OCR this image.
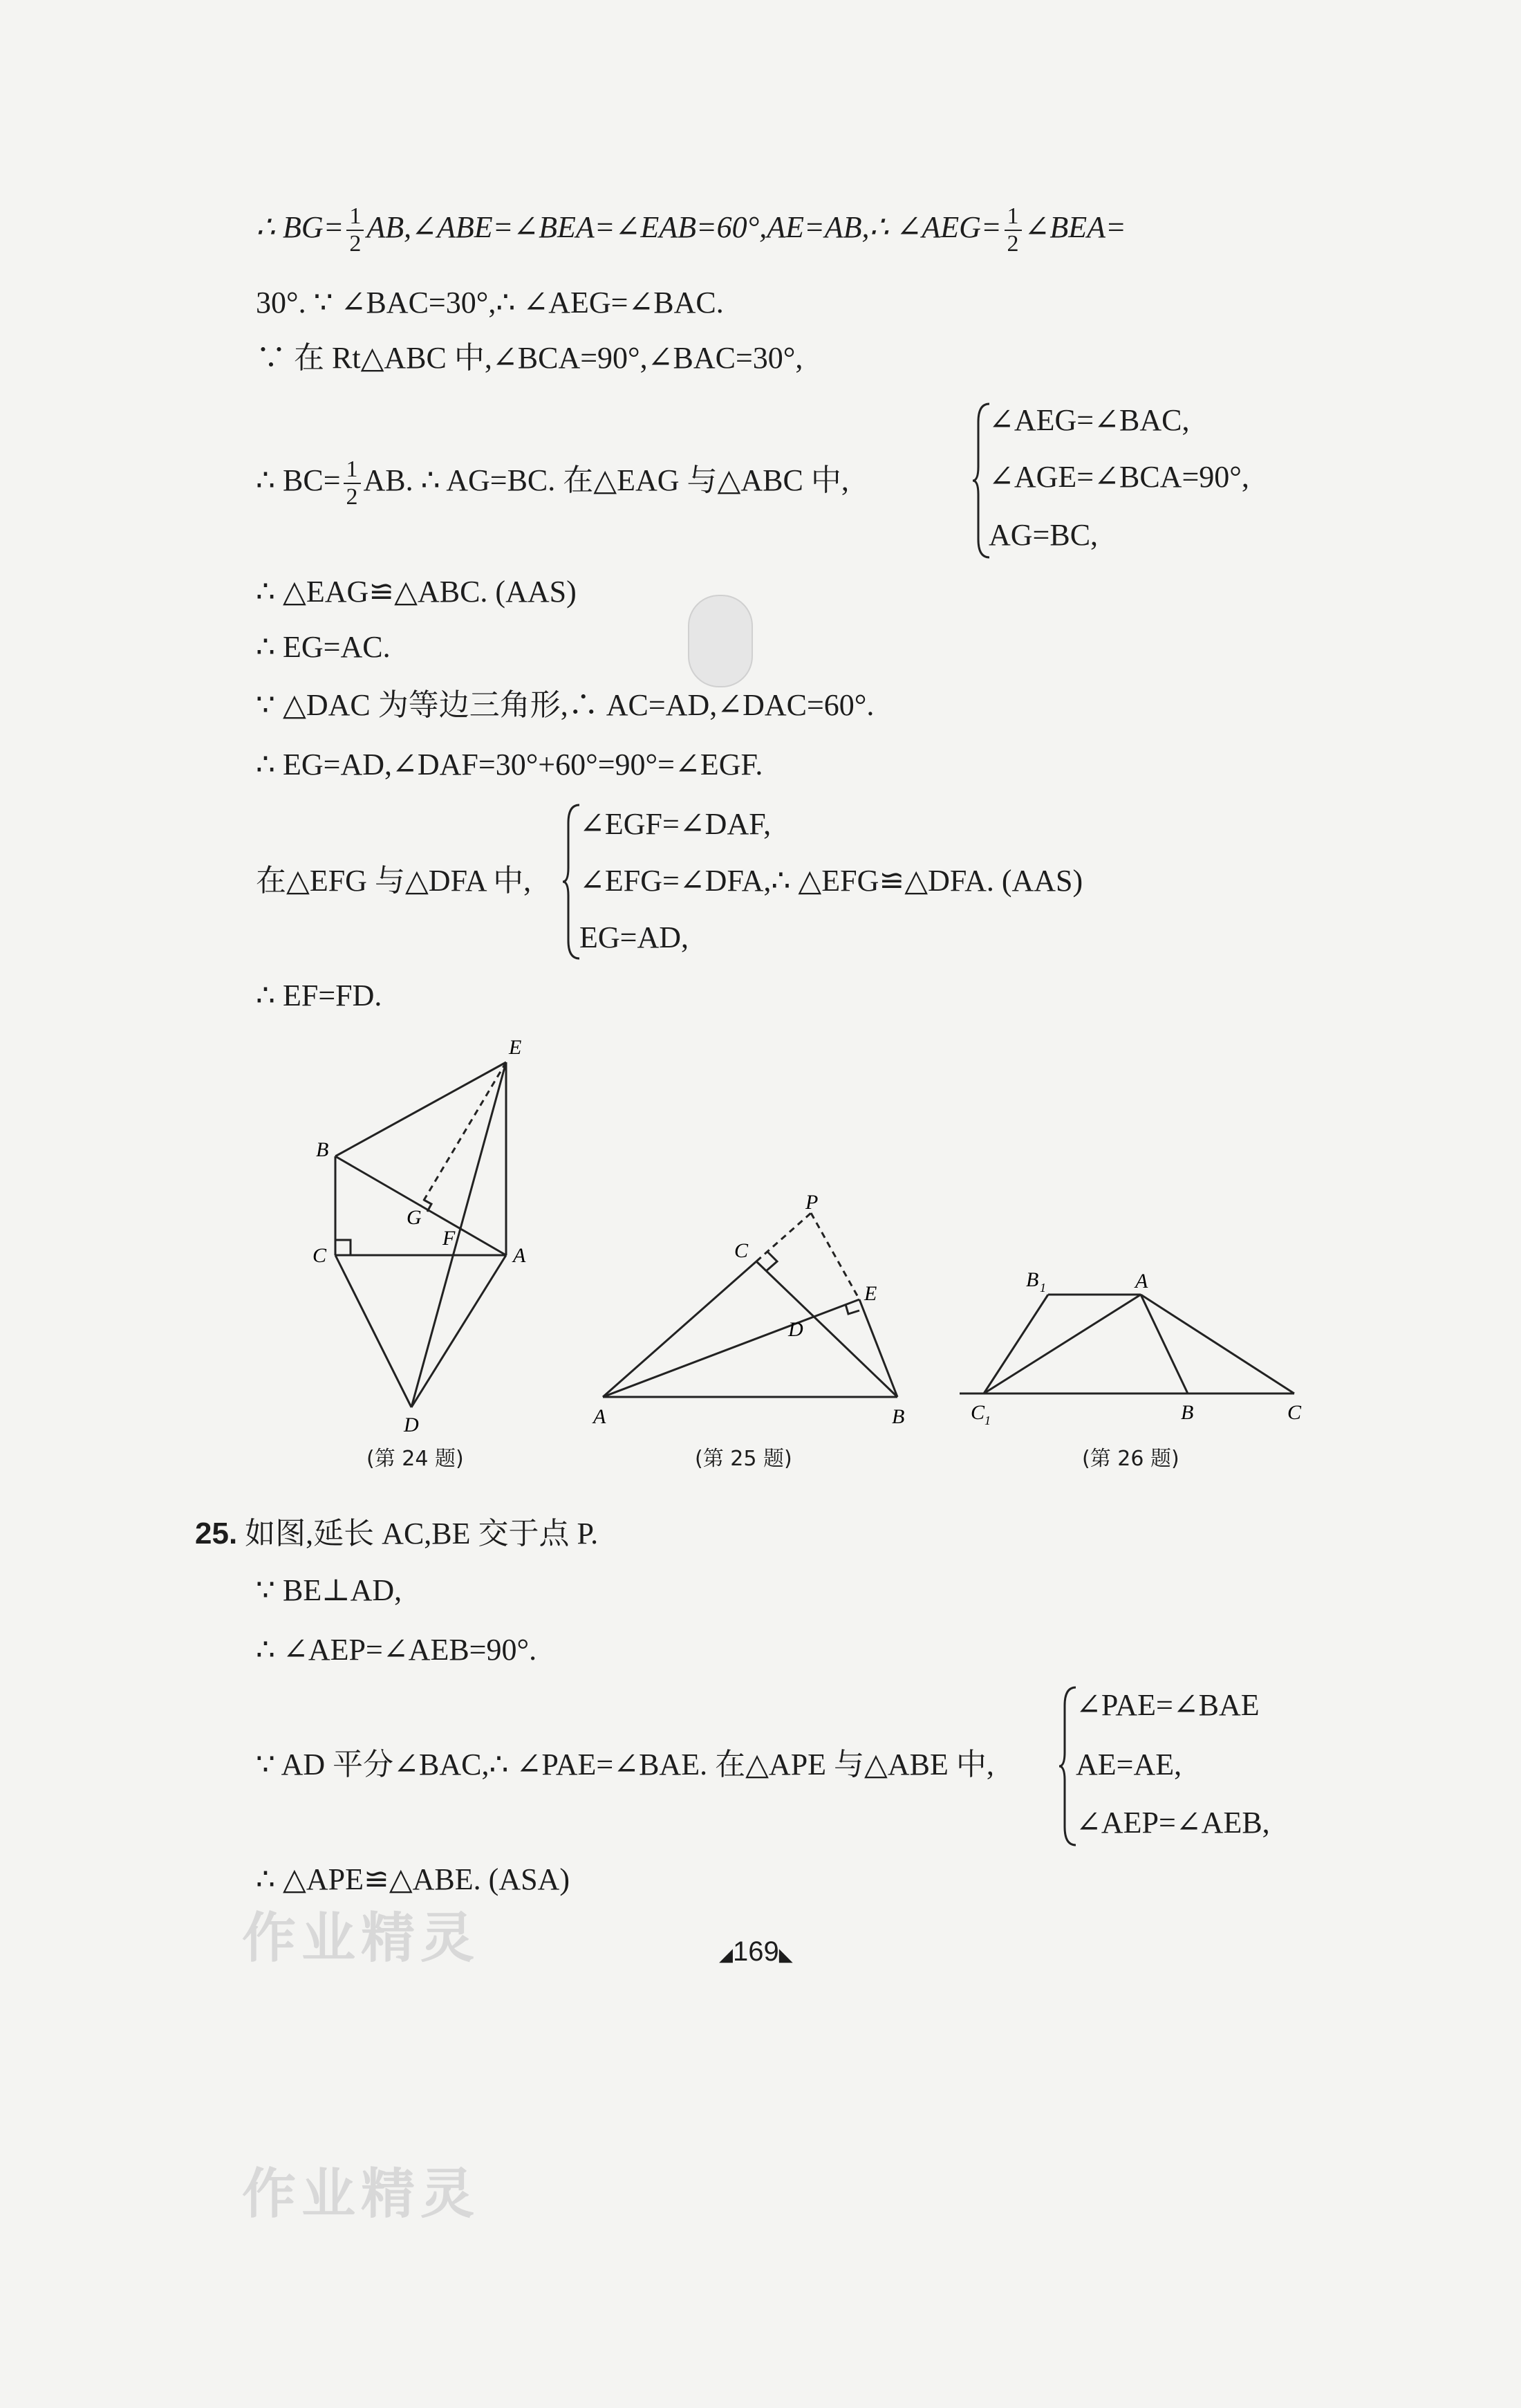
∴ $BG= \frac{1}{2}$ AB,∠ABE=∠BEA=∠EAB=60°,AE=AB,∴ ∠AEG= $\frac{1}{2}$ ∠BEA=
30°. ∵ ∠BAC=30°,∴ ∠AEG=∠BAC.
∵ 在 Rt△ABC 中,∠BCA=90°,∠BAC=30°,
∴ $BC= \frac{1}{2}$ AB. ∴ AG=BC. 在△EAG 与△ABC 中,
∠AEG=∠BAC,
∠AGE=∠BCA=90°,
AG=BC,
∴ △EAG≌△ABC. (AAS)
∴ EG=AC.
∵ △DAC 为等边三角形,∴ AC=AD,∠DAC=60°.
∴ EG=AD,∠DAF=30°+60°=90°=∠EGF.
在△EFG 与△DFA 中,
∠EGF=∠DAF,
∠EFG=∠DFA,∴ △EFG≌△DFA. (AAS)
EG=AD,
∴ EF=FD.
E
B
G
F
C	A
D
(第 24 题)
P
C
E
D
A	B
(第 25 题)
B 1	A
C 1	B	C
(第 26 题)
25. 如图,延长 AC,BE 交于点 P.
∵ BE⊥AD,
∴ ∠AEP=∠AEB=90°.
∵ AD 平分∠BAC,∴ ∠PAE=∠BAE. 在△APE 与△ABE 中,
∠PAE=∠BAE
AE=AE,
∠AEP=∠AEB,
∴ △APE≌△ABE. (ASA)
作业精灵	◢169◣
作业精灵
